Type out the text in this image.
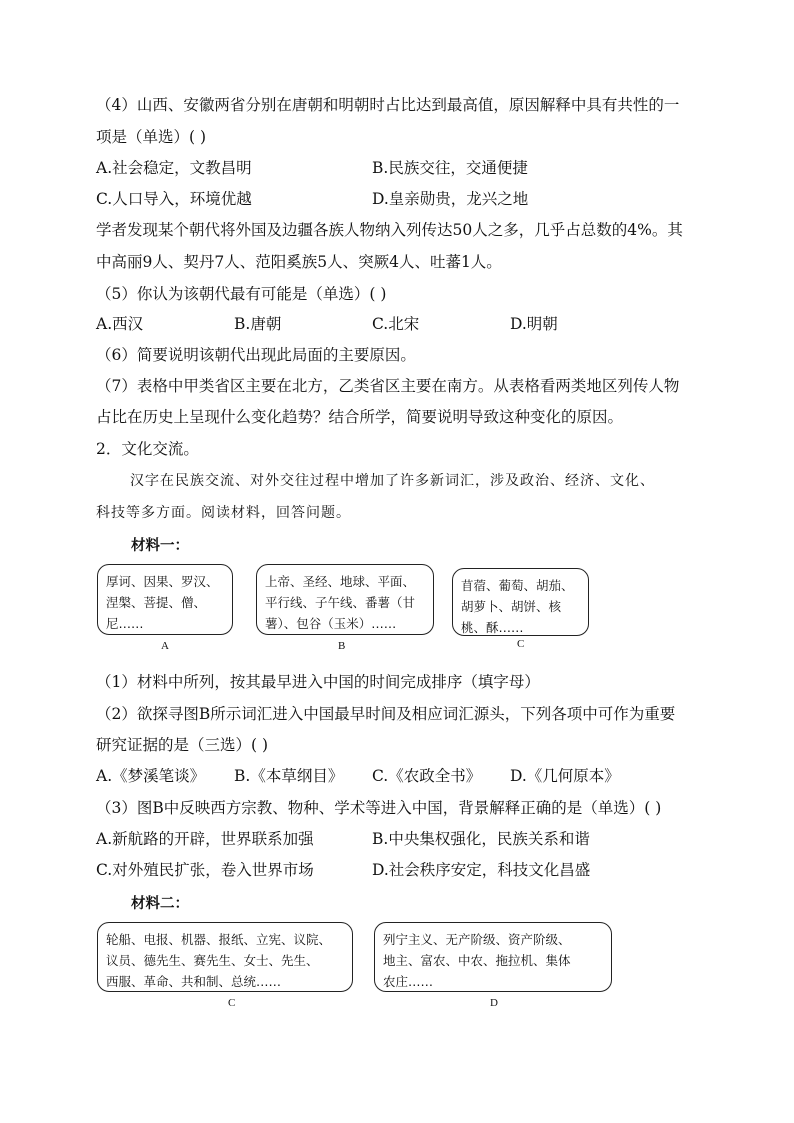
（4）山西、安徽两省分别在唐朝和明朝时占比达到最高值，原因解释中具有共性的一
项是（单选）( )
A.社会稳定，文教昌明	B.民族交往，交通便捷
C.人口导入，环境优越	D.皇亲勋贵，龙兴之地
学者发现某个朝代将外国及边疆各族人物纳入列传达50人之多，几乎占总数的4%。其
中高丽9人、契丹7人、范阳奚族5人、突厥4人、吐蕃1人。
（5）你认为该朝代最有可能是（单选）( )
A.西汉	B.唐朝	C.北宋	D.明朝
（6）简要说明该朝代出现此局面的主要原因。
（7）表格中甲类省区主要在北方，乙类省区主要在南方。从表格看两类地区列传人物
占比在历史上呈现什么变化趋势？结合所学，简要说明导致这种变化的原因。
2．文化交流。
汉字在民族交流、对外交往过程中增加了许多新词汇，涉及政治、经济、文化、
科技等多方面。阅读材料，回答问题。
材料一：
厚诃、因果、罗汉、
涅槃、菩提、僧、
尼……
A
上帝、圣经、地球、平面、
平行线、子午线、番薯（甘
薯）、包谷（玉米）……
B
苜蓿、葡萄、胡茄、
胡萝卜、胡饼、核
桃、酥……
C
（1）材料中所列，按其最早进入中国的时间完成排序（填字母）
（2）欲探寻图B所示词汇进入中国最早时间及相应词汇源头，下列各项中可作为重要
研究证据的是（三选）( )
A.《梦溪笔谈》 B.《本草纲目》 C.《农政全书》 D.《几何原本》
（3）图B中反映西方宗教、物种、学术等进入中国，背景解释正确的是（单选）( )
A.新航路的开辟，世界联系加强	B.中央集权强化，民族关系和谐
C.对外殖民扩张，卷入世界市场	D.社会秩序安定，科技文化昌盛
材料二：
轮船、电报、机器、报纸、立宪、议院、
议员、德先生、赛先生、女士、先生、
西服、革命、共和制、总统……
C
列宁主义、无产阶级、资产阶级、
地主、富农、中农、拖拉机、集体
农庄……
D
